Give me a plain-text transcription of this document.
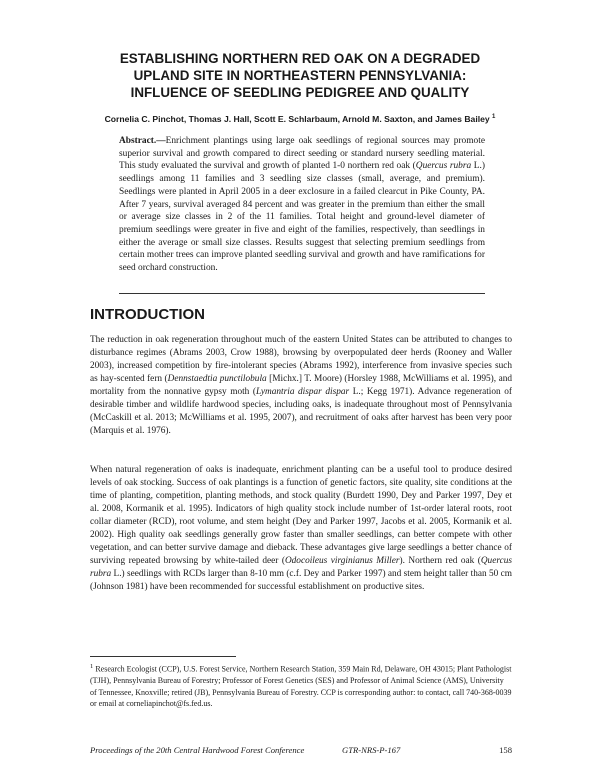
ESTABLISHING NORTHERN RED OAK ON A DEGRADED
UPLAND SITE IN NORTHEASTERN PENNSYLVANIA:
INFLUENCE OF SEEDLING PEDIGREE AND QUALITY

Cornelia C. Pinchot, Thomas J. Hall, Scott E. Schlarbaum, Arnold M. Saxton, and James Bailey $^1$

Abstract.—Enrichment plantings using large oak seedlings of regional sources may promote superior survival and growth compared to direct seeding or standard nursery seedling material. This study evaluated the survival and growth of planted 1-0 northern red oak (Quercus rubra L.) seedlings among 11 families and 3 seedling size classes (small, average, and premium). Seedlings were planted in April 2005 in a deer exclosure in a failed clearcut in Pike County, PA. After 7 years, survival averaged 84 percent and was greater in the premium than either the small or average size classes in 2 of the 11 families. Total height and ground-level diameter of premium seedlings were greater in five and eight of the families, respectively, than seedlings in either the average or small size classes. Results suggest that selecting premium seedlings from certain mother trees can improve planted seedling survival and growth and have ramifications for seed orchard construction.

INTRODUCTION

The reduction in oak regeneration throughout much of the eastern United States can be attributed to changes to disturbance regimes (Abrams 2003, Crow 1988), browsing by overpopulated deer herds (Rooney and Waller 2003), increased competition by fire-intolerant species (Abrams 1992), interference from invasive species such as hay-scented fern (Dennstaedtia punctilobula [Michx.] T. Moore) (Horsley 1988, McWilliams et al. 1995), and mortality from the nonnative gypsy moth (Lymantria dispar dispar L.; Kegg 1971). Advance regeneration of desirable timber and wildlife hardwood species, including oaks, is inadequate throughout most of Pennsylvania (McCaskill et al. 2013; McWilliams et al. 1995, 2007), and recruitment of oaks after harvest has been very poor (Marquis et al. 1976).

When natural regeneration of oaks is inadequate, enrichment planting can be a useful tool to produce desired levels of oak stocking. Success of oak plantings is a function of genetic factors, site quality, site conditions at the time of planting, competition, planting methods, and stock quality (Burdett 1990, Dey and Parker 1997, Dey et al. 2008, Kormanik et al. 1995). Indicators of high quality stock include number of 1st-order lateral roots, root collar diameter (RCD), root volume, and stem height (Dey and Parker 1997, Jacobs et al. 2005, Kormanik et al. 2002). High quality oak seedlings generally grow faster than smaller seedlings, can better compete with other vegetation, and can better survive damage and dieback. These advantages give large seedlings a better chance of surviving repeated browsing by white-tailed deer (Odocoileus virginianus Miller). Northern red oak (Quercus rubra L.) seedlings with RCDs larger than 8-10 mm (c.f. Dey and Parker 1997) and stem height taller than 50 cm (Johnson 1981) have been recommended for successful establishment on productive sites.

$^1$ Research Ecologist (CCP), U.S. Forest Service, Northern Research Station, 359 Main Rd, Delaware, OH 43015; Plant Pathologist (TJH), Pennsylvania Bureau of Forestry; Professor of Forest Genetics (SES) and Professor of Animal Science (AMS), University of Tennessee, Knoxville; retired (JB), Pennsylvania Bureau of Forestry. CCP is corresponding author: to contact, call 740-368-0039 or email at corneliapinchot@fs.fed.us.

Proceedings of the 20th Central Hardwood Forest Conference	GTR-NRS-P-167	158
